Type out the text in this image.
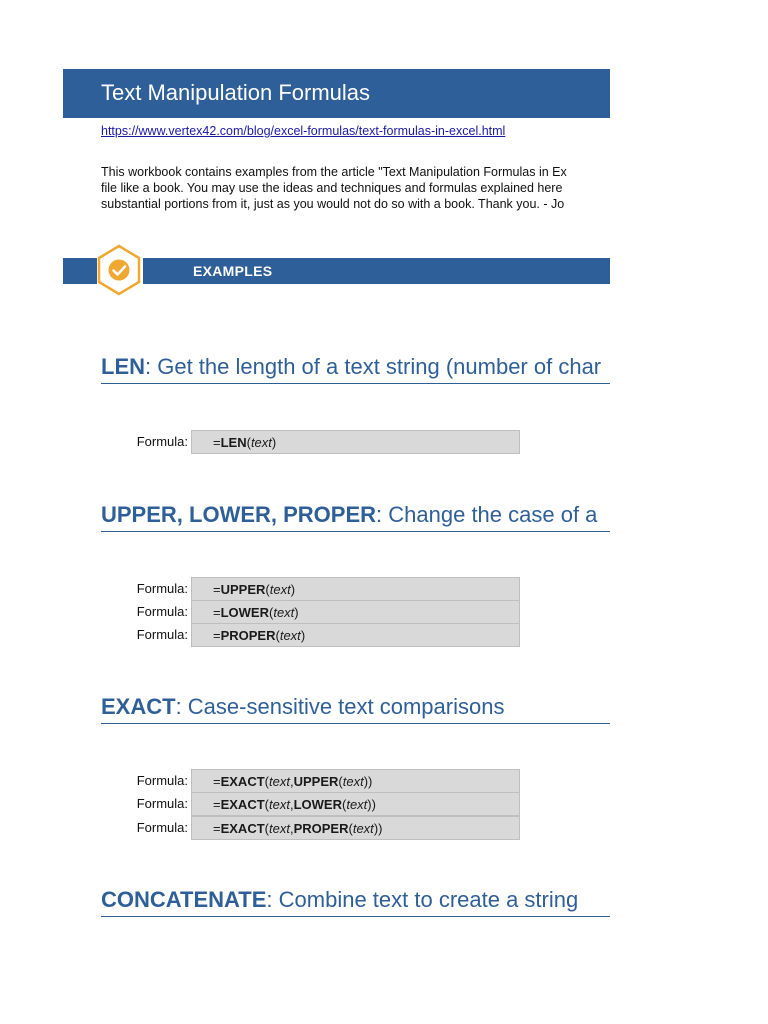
Text Manipulation Formulas
https://www.vertex42.com/blog/excel-formulas/text-formulas-in-excel.html
This workbook contains examples from the article "Text Manipulation Formulas in Ex
file like a book. You may use the ideas and techniques and formulas explained here
substantial portions from it, just as you would not do so with a book. Thank you. - Jo
EXAMPLES
LEN: Get the length of a text string (number of char
Formula: =LEN(text)
UPPER, LOWER, PROPER: Change the case of a
Formula: =UPPER(text)
Formula: =LOWER(text)
Formula: =PROPER(text)
EXACT: Case-sensitive text comparisons
Formula: =EXACT(text,UPPER(text))
Formula: =EXACT(text,LOWER(text))
Formula: =EXACT(text,PROPER(text))
CONCATENATE: Combine text to create a string
